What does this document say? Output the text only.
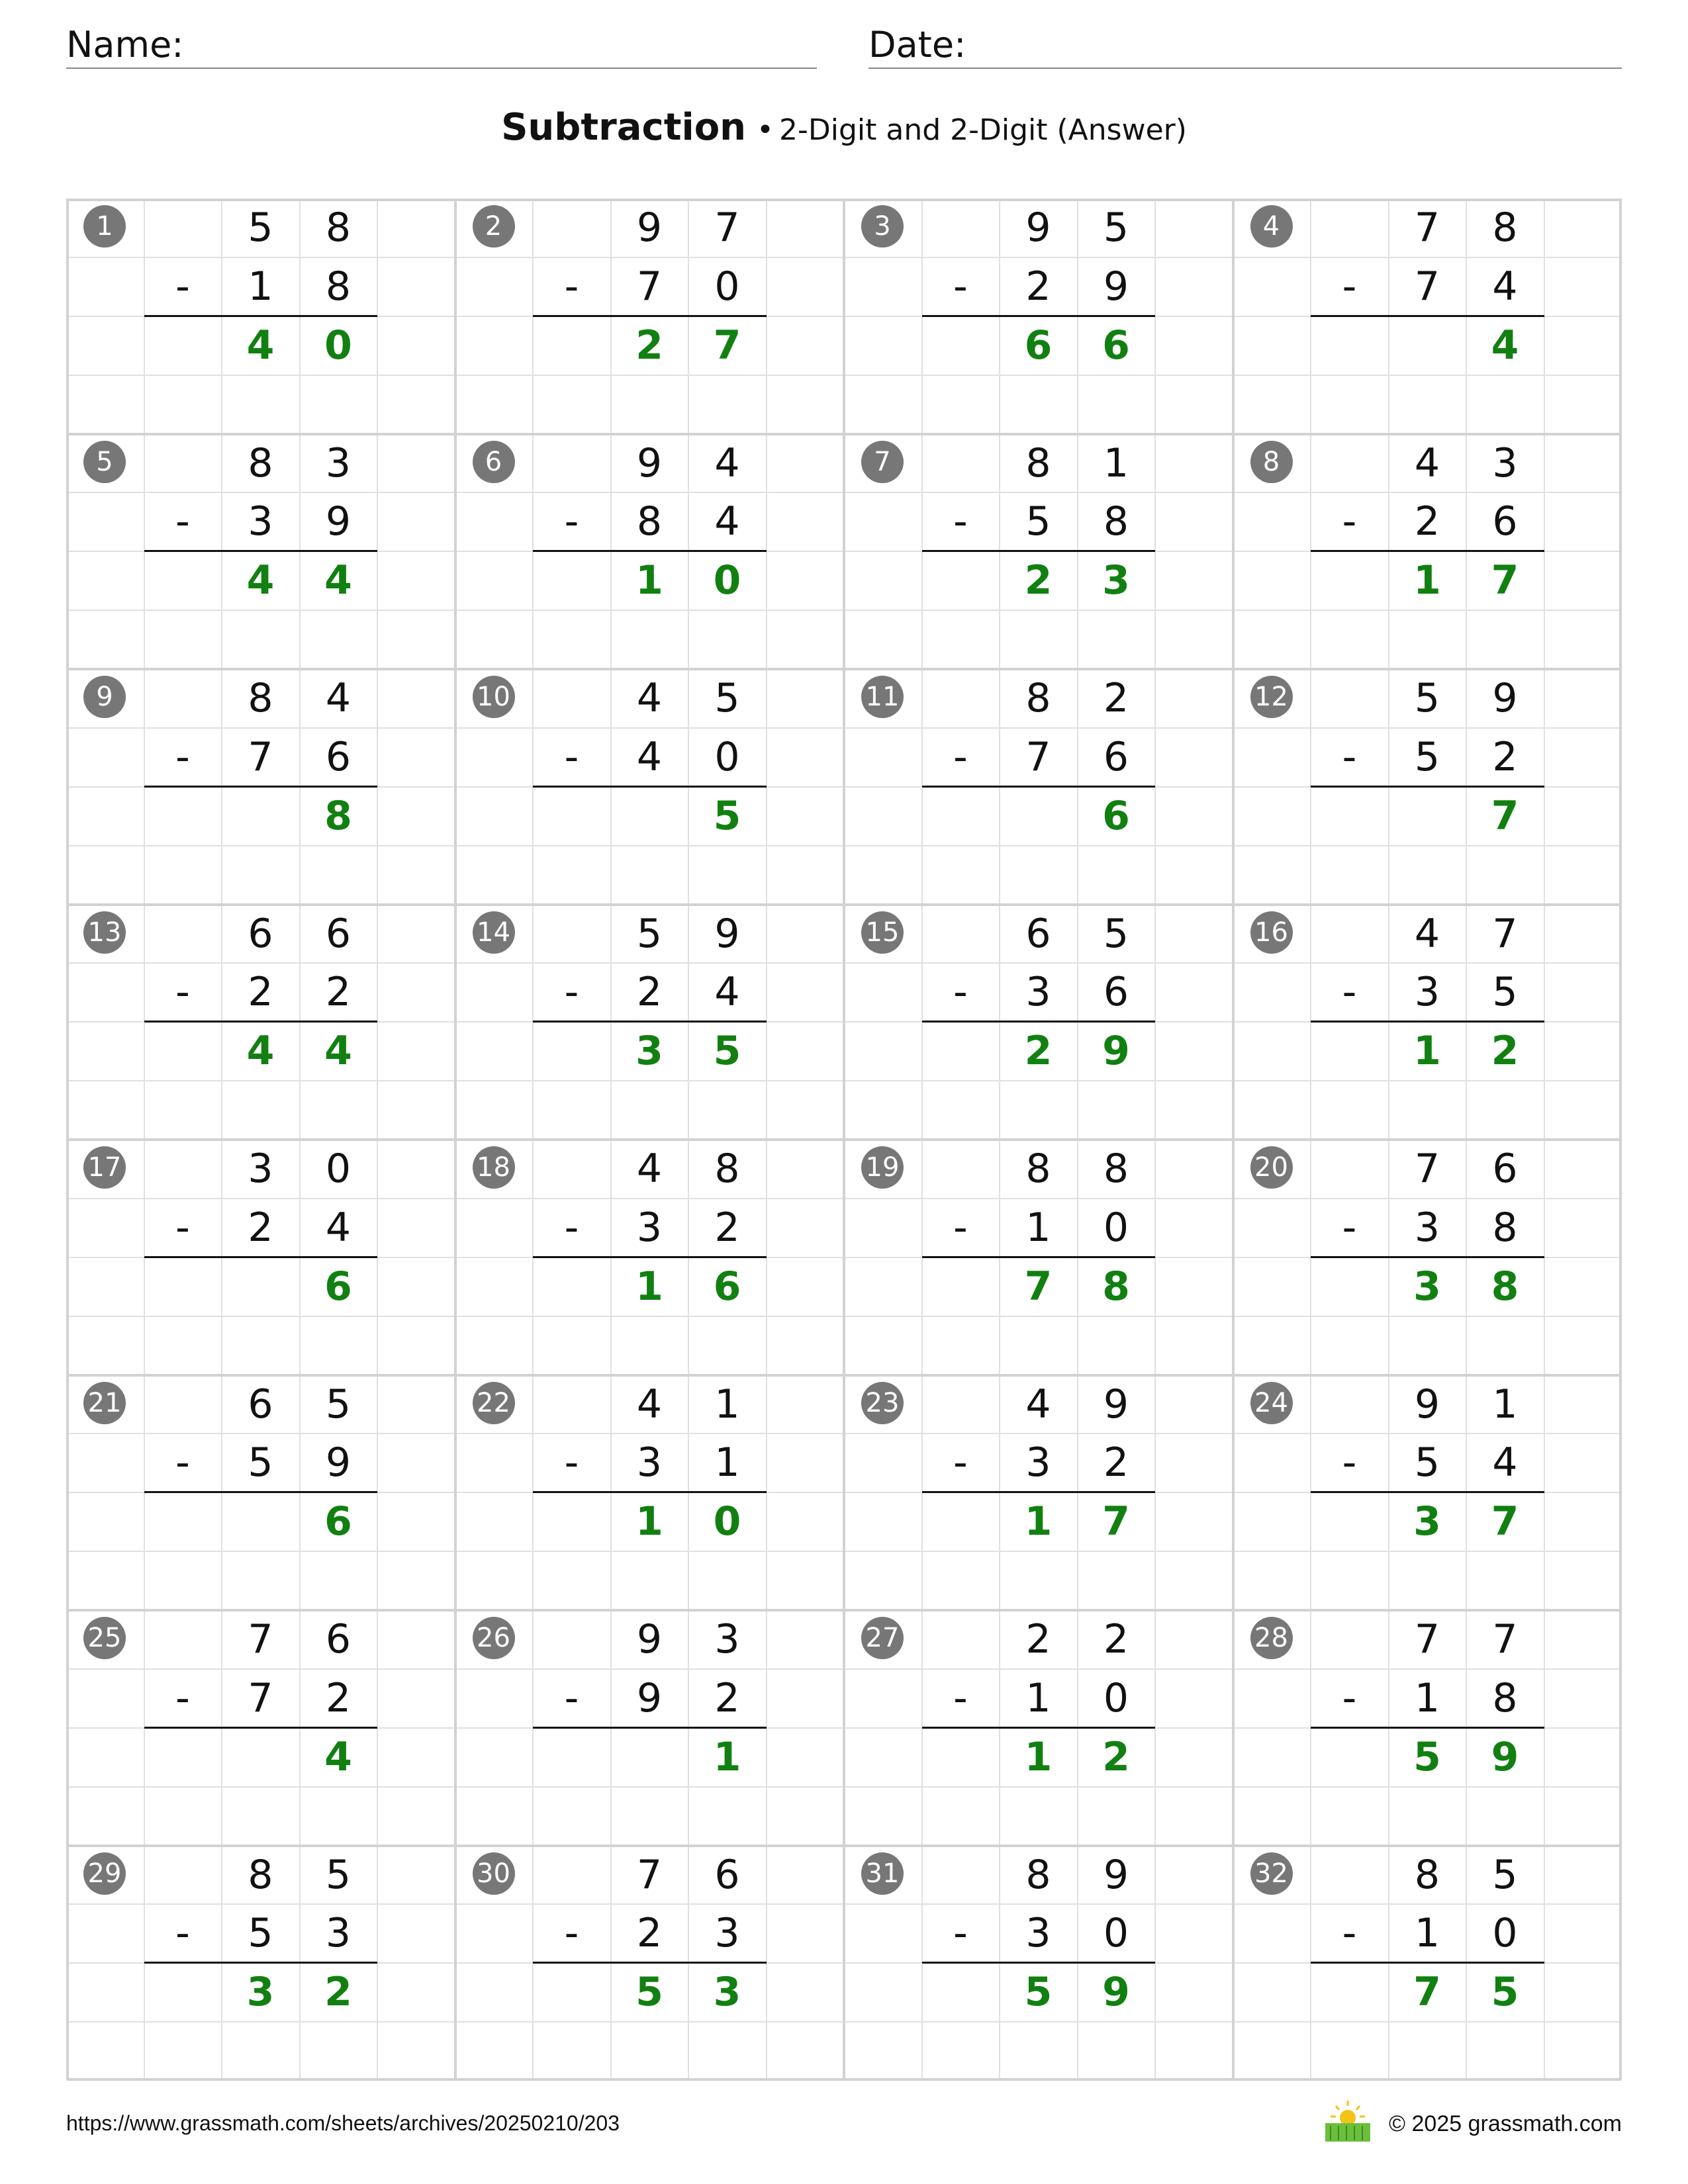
Name:	Date:
Subtraction • 2-Digit and 2-Digit (Answer)
1	5	8
1	8
4	0
-
2	9	7
7	0
2	7
-
3	9	5
2	9
6	6
-
4	7	8
7	4
4
-
5	8	3
3	9
4	4
-
6	9	4
8	4
1	0
-
7	8	1
5	8
2	3
-
8	4	3
2	6
1	7
-
9	8	4
7	6
8
-
10	4	5
4	0
5
-
11	8	2
7	6
6
-
12	5	9
5	2
7
-
13	6	6
2	2
4	4
-
14	5	9
2	4
3	5
-
15	6	5
3	6
2	9
-
16	4	7
3	5
1	2
-
17	3	0
2	4
6
-
18	4	8
3	2
1	6
-
19	8	8
1	0
7	8
-
20	7	6
3	8
3	8
-
21	6	5
5	9
6
-
22	4	1
3	1
1	0
-
23	4	9
3	2
1	7
-
24	9	1
5	4
3	7
-
25	7	6
7	2
4
-
26	9	3
9	2
1
-
27	2	2
1	0
1	2
-
28	7	7
1	8
5	9
-
29	8	5
5	3
3	2
-
30	7	6
2	3
5	3
-
31	8	9
3	0
5	9
-
32	8	5
1	0
7	5
-
https://www.grassmath.com/sheets/archives/20250210/203	© 2025 grassmath.com
